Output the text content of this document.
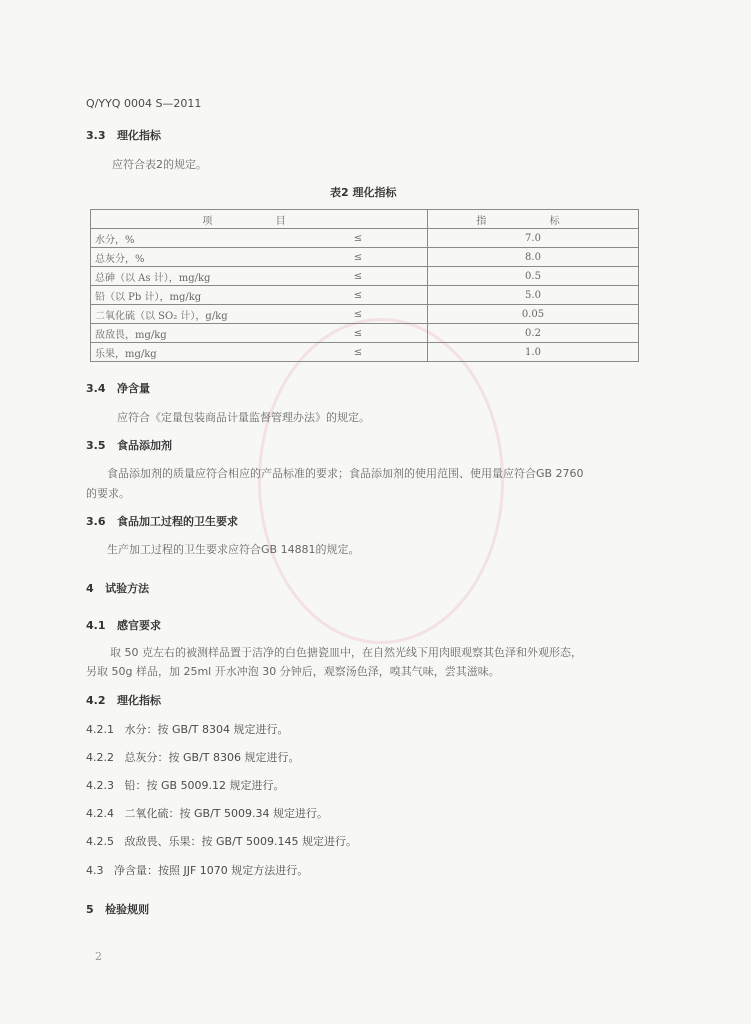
Q/YYQ 0004 S—2011
3.3 理化指标
应符合表2的规定。
表2 理化指标
项 目		指 标
水分，%	≤	7.0
总灰分，%	≤	8.0
总砷（以 As 计），mg/kg	≤	0.5
铅（以 Pb 计），mg/kg	≤	5.0
二氧化硫（以 SO₂ 计），g/kg	≤	0.05
敌敌畏，mg/kg	≤	0.2
乐果，mg/kg	≤	1.0
3.4 净含量
应符合《定量包装商品计量监督管理办法》的规定。
3.5 食品添加剂
食品添加剂的质量应符合相应的产品标准的要求；食品添加剂的使用范围、使用量应符合GB 2760
的要求。
3.6 食品加工过程的卫生要求
生产加工过程的卫生要求应符合GB 14881的规定。
4 试验方法
4.1 感官要求
取 50 克左右的被测样品置于洁净的白色搪瓷皿中，在自然光线下用肉眼观察其色泽和外观形态，
另取 50g 样品，加 25ml 开水冲泡 30 分钟后，观察汤色泽，嗅其气味，尝其滋味。
4.2 理化指标
4.2.1 水分：按 GB/T 8304 规定进行。
4.2.2 总灰分：按 GB/T 8306 规定进行。
4.2.3 铅：按 GB 5009.12 规定进行。
4.2.4 二氧化硫：按 GB/T 5009.34 规定进行。
4.2.5 敌敌畏、乐果：按 GB/T 5009.145 规定进行。
4.3 净含量：按照 JJF 1070 规定方法进行。
5 检验规则
2
